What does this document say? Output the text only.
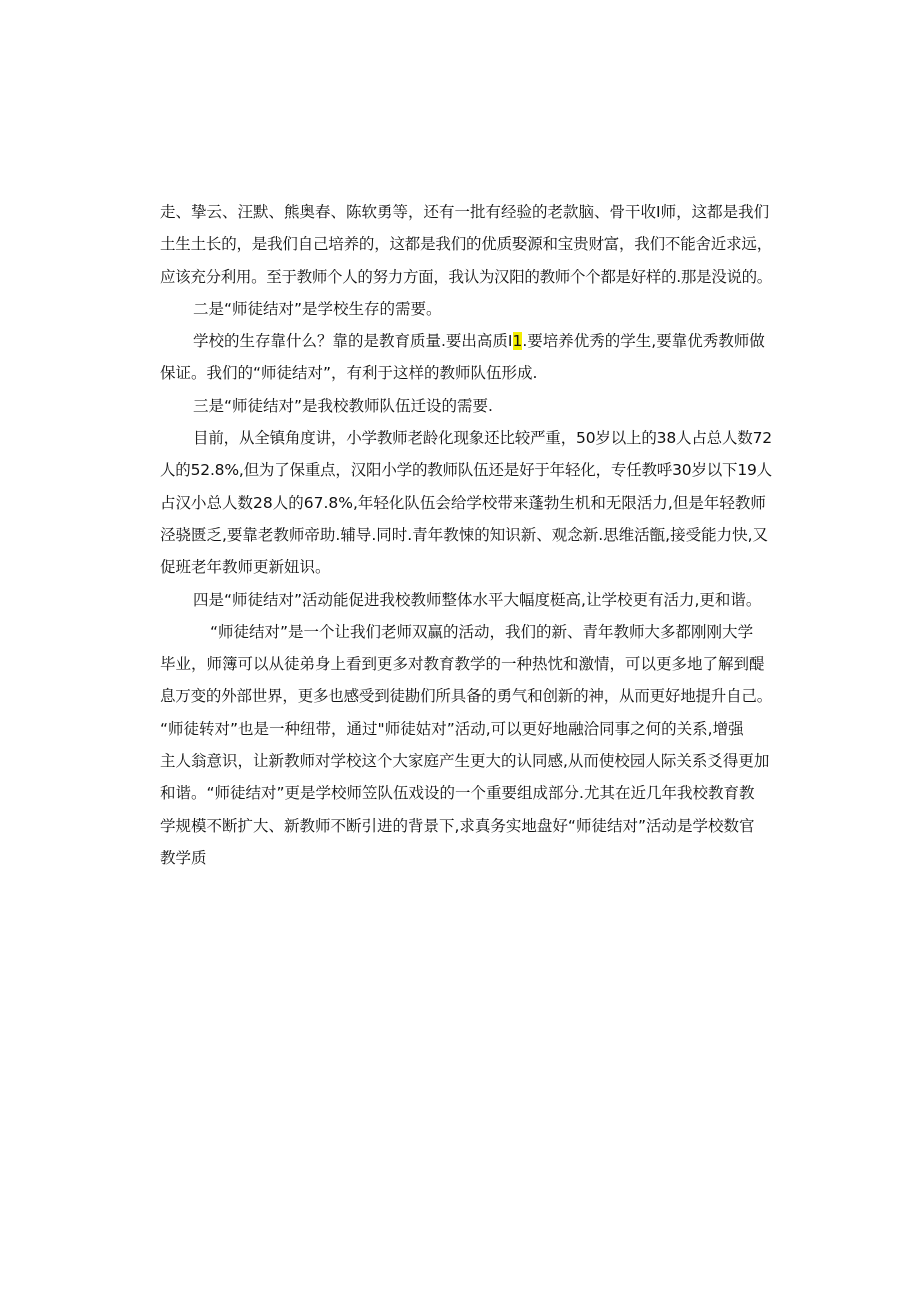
走、挚云、汪默、熊奥春、陈软勇等，还有一批有经验的老款脑、骨干收I师，这都是我们
土生土长的，是我们自己培养的，这都是我们的优质娶源和宝贵财富，我们不能舍近求远，
应该充分利用。至于教师个人的努力方面，我认为汉阳的教师个个都是好样的.那是没说的。
二是“师徒结对”是学校生存的需要。
学校的生存靠什么？靠的是教育质量.要出高质I1.要培养优秀的学生,要靠优秀教师做
保证。我们的“师徒结对”，有利于这样的教师队伍形成.
三是“师徒结对”是我校教师队伍迁设的需要.
目前，从全镇角度讲，小学教师老龄化现象还比较严重，50岁以上的38人占总人数72
人的52.8%,但为了保重点，汉阳小学的教师队伍还是好于年轻化，专任教呼30岁以下19人
占汉小总人数28人的67.8%,年轻化队伍会给学校带来蓬勃生机和无限活力,但是年轻教师
泾骁匮乏,要靠老教师帝助.辅导.同时.青年教悚的知识新、观念新.思维活甑,接受能力快,又
促班老年教师更新妞识。
四是“师徒结对”活动能促进我校教师整体水平大幅度梃高,让学校更有活力,更和谐。
“师徒结对”是一个让我们老师双赢的活动，我们的新、青年教师大多都刚刚大学
毕业，师簿可以从徒弟身上看到更多对教育教学的一种热忱和激情，可以更多地了解到醍
息万变的外部世界，更多也感受到徒勘们所具备的勇气和创新的神，从而更好地提升自己。
“师徒转对”也是一种纽带，通过"师徒姑对”活动,可以更好地融洽同事之何的关系,增强
主人翁意识，让新教师对学校这个大家庭产生更大的认同感,从而使校园人际关系爻得更加
和谐。“师徒结对”更是学校师笠队伍戏设的一个重要组成部分.尤其在近几年我校教育教
学规模不断扩大、新教师不断引进的背景下,求真务实地盘好“师徒结对”活动是学校数官
教学质
